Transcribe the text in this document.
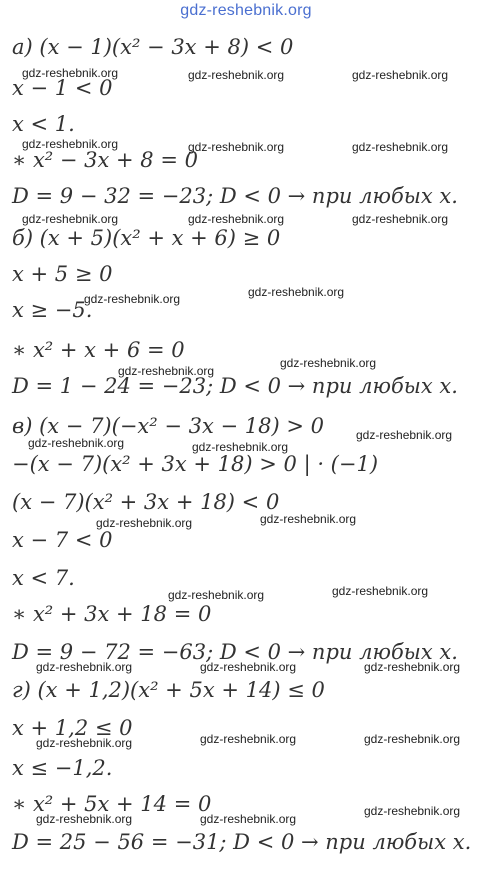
gdz-reshebnik.org
а) (x − 1)(x² − 3x + 8) < 0
x − 1 < 0
x < 1.
∗ x² − 3x + 8 = 0
D = 9 − 32 = −23; D < 0 → при любых x.
б) (x + 5)(x² + x + 6) ≥ 0
x + 5 ≥ 0
x ≥ −5.
∗ x² + x + 6 = 0
D = 1 − 24 = −23; D < 0 → при любых x.
в) (x − 7)(−x² − 3x − 18) > 0
−(x − 7)(x² + 3x + 18) > 0 | · (−1)
(x − 7)(x² + 3x + 18) < 0
x − 7 < 0
x < 7.
∗ x² + 3x + 18 = 0
D = 9 − 72 = −63; D < 0 → при любых x.
г) (x + 1,2)(x² + 5x + 14) ≤ 0
x + 1,2 ≤ 0
x ≤ −1,2.
∗ x² + 5x + 14 = 0
D = 25 − 56 = −31; D < 0 → при любых x.
gdz-reshebnik.org	gdz-reshebnik.org	gdz-reshebnik.org
gdz-reshebnik.org	gdz-reshebnik.org	gdz-reshebnik.org
gdz-reshebnik.org	gdz-reshebnik.org	gdz-reshebnik.org
gdz-reshebnik.org	gdz-reshebnik.org
gdz-reshebnik.org
gdz-reshebnik.org
gdz-reshebnik.org	gdz-reshebnik.org
gdz-reshebnik.org
gdz-reshebnik.org	gdz-reshebnik.org
gdz-reshebnik.org	gdz-reshebnik.org
gdz-reshebnik.org	gdz-reshebnik.org	gdz-reshebnik.org
gdz-reshebnik.org	gdz-reshebnik.org	gdz-reshebnik.org
gdz-reshebnik.org	gdz-reshebnik.org
gdz-reshebnik.org
